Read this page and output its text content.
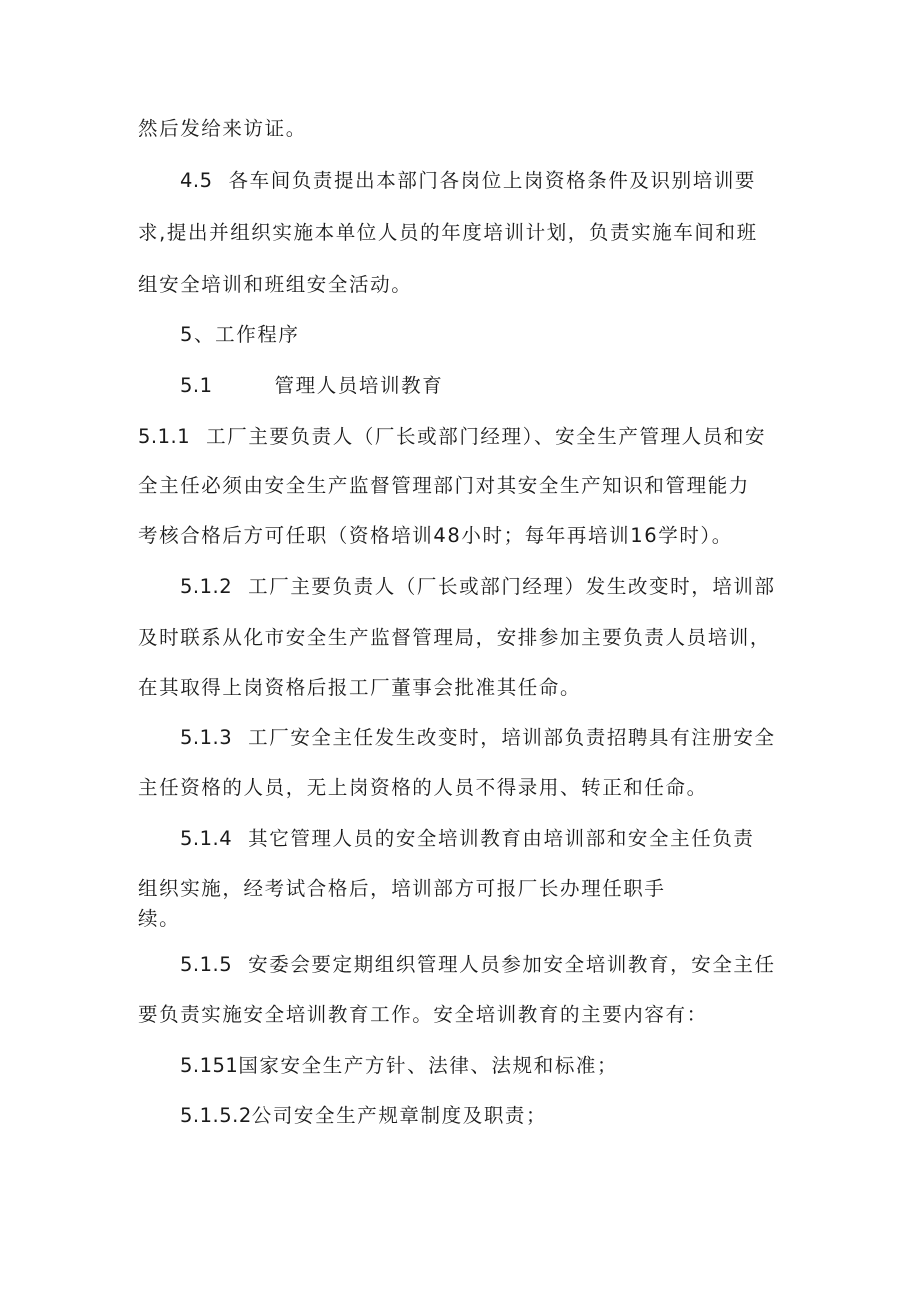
然后发给来访证。
4.5 各车间负责提出本部门各岗位上岗资格条件及识别培训要
求,提出并组织实施本单位人员的年度培训计划，负责实施车间和班
组安全培训和班组安全活动。
5、工作程序
5.1	管理人员培训教育
5.1.1 工厂主要负责人（厂长或部门经理）、安全生产管理人员和安
全主任必须由安全生产监督管理部门对其安全生产知识和管理能力
考核合格后方可任职（资格培训48小时；每年再培训16学时）。
5.1.2 工厂主要负责人（厂长或部门经理）发生改变时，培训部
及时联系从化市安全生产监督管理局，安排参加主要负责人员培训，
在其取得上岗资格后报工厂董事会批准其任命。
5.1.3 工厂安全主任发生改变时，培训部负责招聘具有注册安全
主任资格的人员，无上岗资格的人员不得录用、转正和任命。
5.1.4 其它管理人员的安全培训教育由培训部和安全主任负责
组织实施，经考试合格后，培训部方可报厂长办理任职手
续。
5.1.5 安委会要定期组织管理人员参加安全培训教育，安全主任
要负责实施安全培训教育工作。安全培训教育的主要内容有：
5.151国家安全生产方针、法律、法规和标准；
5.1.5.2公司安全生产规章制度及职责；
